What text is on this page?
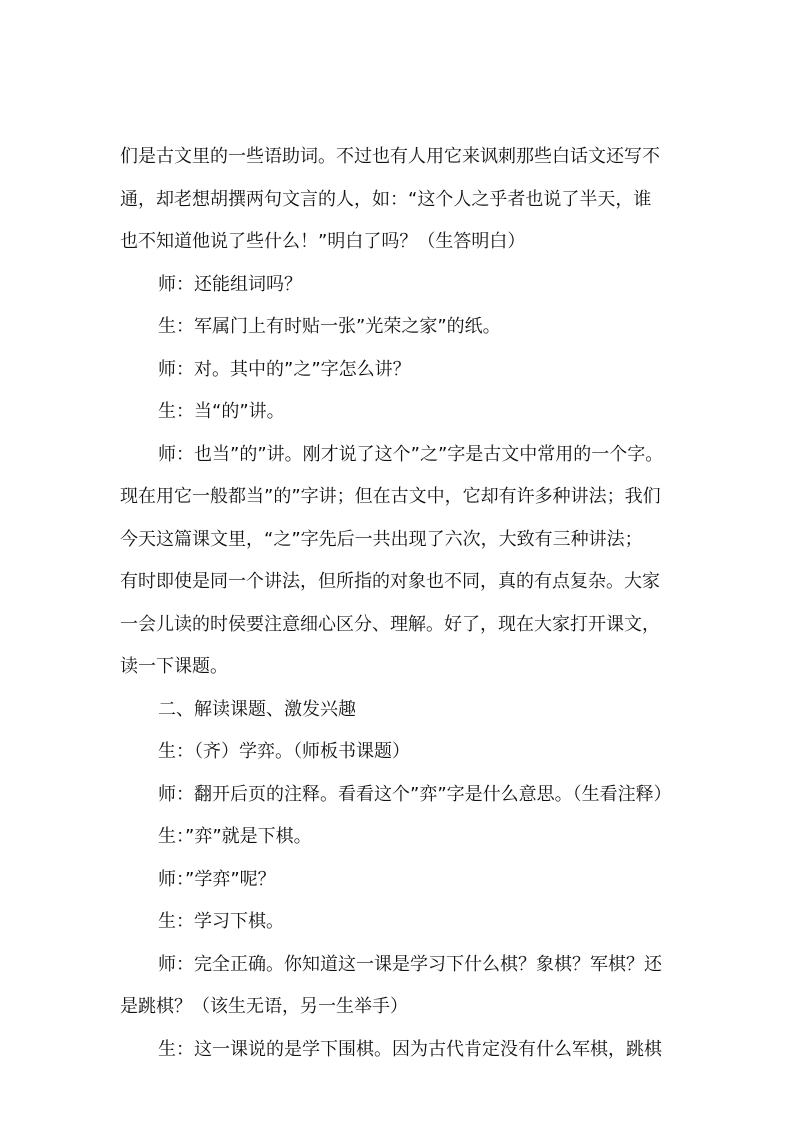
们是古文里的一些语助词。不过也有人用它来讽刺那些白话文还写不
通，却老想胡撰两句文言的人，如：“这个人之乎者也说了半天，谁
也不知道他说了些什么！”明白了吗？（生答明白）
师：还能组词吗？
生：军属门上有时贴一张”光荣之家”的纸。
师：对。其中的”之”字怎么讲？
生：当“的”讲。
师：也当”的”讲。刚才说了这个”之”字是古文中常用的一个字。
现在用它一般都当”的”字讲；但在古文中，它却有许多种讲法；我们
今天这篇课文里，“之”字先后一共出现了六次，大致有三种讲法；
有时即使是同一个讲法，但所指的对象也不同，真的有点复杂。大家
一会儿读的时侯要注意细心区分、理解。好了，现在大家打开课文，
读一下课题。
二、解读课题、激发兴趣
生：（齐）学弈。（师板书课题）
师：翻开后页的注释。看看这个”弈”字是什么意思。（生看注释）
生：”弈”就是下棋。
师：”学弈”呢？
生：学习下棋。
师：完全正确。你知道这一课是学习下什么棋？象棋？军棋？还
是跳棋？（该生无语，另一生举手）
生：这一课说的是学下围棋。因为古代肯定没有什么军棋，跳棋
